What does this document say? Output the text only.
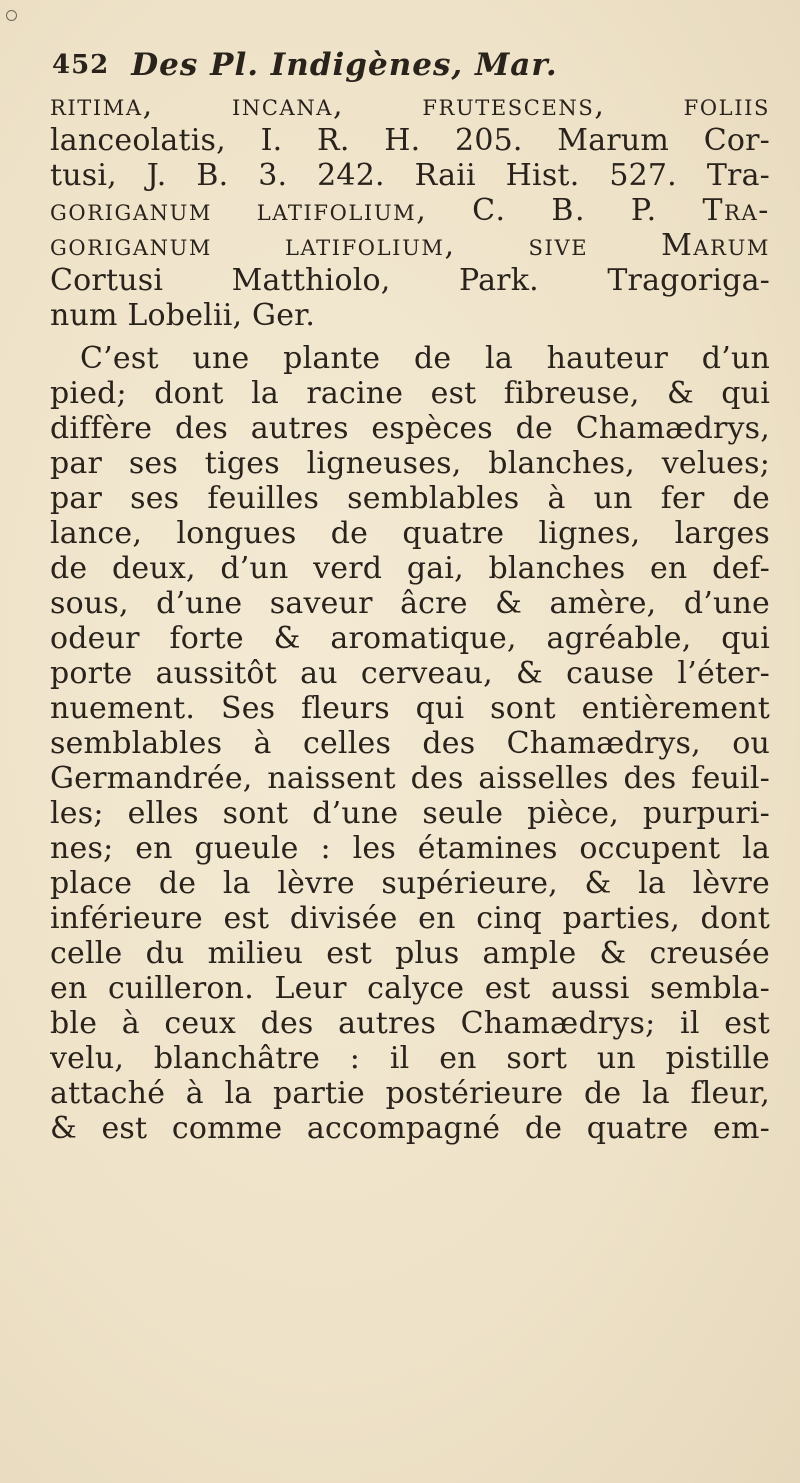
452 Des Pl. Indigènes, Mar.
ritima, incana, frutescens, foliis
lanceolatis, I. R. H. 205. Marum Cor-
tusi, J. B. 3. 242. Raii Hist. 527. Tra-
goriganum latifolium, C. B. P. Tra-
goriganum latifolium, sive Marum
Cortusi Matthiolo, Park. Tragoriga-
num Lobelii, Ger.
C’est une plante de la hauteur d’un
pied; dont la racine est fibreuse, & qui
diffère des autres espèces de Chamædrys,
par ses tiges ligneuses, blanches, velues;
par ses feuilles semblables à un fer de
lance, longues de quatre lignes, larges
de deux, d’un verd gai, blanches en def-
sous, d’une saveur âcre & amère, d’une
odeur forte & aromatique, agréable, qui
porte aussitôt au cerveau, & cause l’éter-
nuement. Ses fleurs qui sont entièrement
semblables à celles des Chamædrys, ou
Germandrée, naissent des aisselles des feuil-
les; elles sont d’une seule pièce, purpuri-
nes; en gueule : les étamines occupent la
place de la lèvre supérieure, & la lèvre
inférieure est divisée en cinq parties, dont
celle du milieu est plus ample & creusée
en cuilleron. Leur calyce est aussi sembla-
ble à ceux des autres Chamædrys; il est
velu, blanchâtre : il en sort un pistille
attaché à la partie postérieure de la fleur,
& est comme accompagné de quatre em-
